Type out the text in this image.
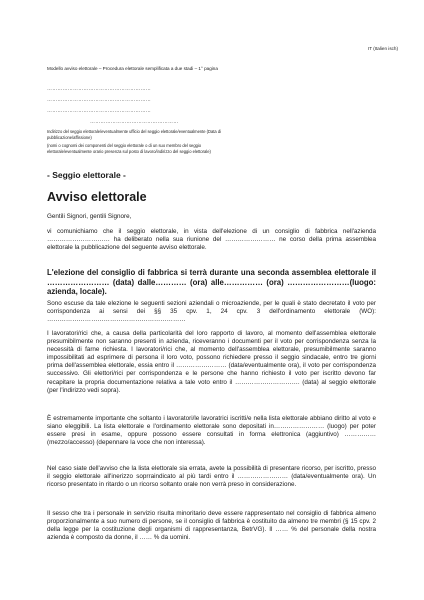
IT (Italien isch)
Modello avviso elettorale – Procedura elettorale semplificata a due stadi – 1° pagina
……………………………………………………
……………………………………………………
……………………………………………………
……………………………………………
Indirizzo del seggio elettorale/eventualmente ufficio del seggio elettorale/eventualmente (Data di
pubblicazione/affissione)
(nomi o cognomi dei componenti del seggio elettorale o di un suo membro del seggio
elettorale/eventualmente orario presenza sul posto di lavoro/indirizzo del seggio elettorale)
- Seggio elettorale -
Avviso elettorale
Gentili Signori, gentili Signore,
vi comunichiamo che il seggio elettorale, in vista dell'elezione di un consiglio di fabbrica nell'azienda ………………………… ha deliberato nella sua riunione del …………………… ne corso della prima assemblea elettorale la pubblicazione del seguente avviso elettorale.
L'elezione del consiglio di fabbrica si terrà durante una seconda assemblea elettorale il …………………… (data) dalle………… (ora) alle…………… (ora) ……………………(luogo: azienda, locale).
Sono escuse da tale elezione le seguenti sezioni aziendali o microaziende, per le quali è stato decretato il voto per corrispondenza ai sensi dei §§ 35 cpv. 1, 24 cpv. 3 dell'ordinamento elettorale (WO): …………………………………………………………
I lavoratori/rici che, a causa della particolarità del loro rapporto di lavoro, al momento dell'assemblea elettorale presumibilmente non saranno presenti in azienda, riceveranno i documenti per il voto per corrispondenza senza la necessità di farne richiesta. I lavoratori/rici che, al momento dell'assemblea elettorale, presumibilmente saranno impossibilitati ad esprimere di persona il loro voto, possono richiedere presso il seggio sindacale, entro tre giorni prima dell'assemblea elettorale, essia entro il …………………… (data/eventualmente ora), il voto per corrispondenza successivo. Gli elettori/rici per corrispondenza e le persone che hanno richiesto il voto per iscritto devono far recapitare la propria documentazione relativa a tale voto entro il …………………………. (data) al seggio elettorale (per l'indirizzo vedi sopra).
È estremamente importante che soltanto i lavoratori/le lavoratrici iscritti/e nella lista elettorale abbiano diritto al voto e siano eleggibili. La lista elettorale e l'ordinamento elettorale sono depositati in…………………… (luogo) per poter essere presi in esame, oppure possono essere consultati in forma elettronica (aggiuntivo) …………… (mezzo/accesso) (depennare la voce che non interessa).
Nel caso siate dell'avviso che la lista elettorale sia errata, avete la possibilità di presentare ricorso, per iscritto, presso il seggio elettorale all'inerizzo soprraindicato al più tardi entro il …………………… (data/eventualmente ora). Un ricorso presentato in ritardo o un ricorso soltanto orale non verrà preso in considerazione.
Il sesso che tra i personale in servizio risulta minoritario deve essere rappresentato nel consiglio di fabbrica almeno proporzionalmente a suo numero di persone, se il consiglio di fabbrica è costituito da almeno tre membri (§ 15 cpv. 2 della legge per la costituzione degli organismi di rappresentanza, BetrVG). Il …… % del personale della nostra azienda è composto da donne, il …… % da uomini.
